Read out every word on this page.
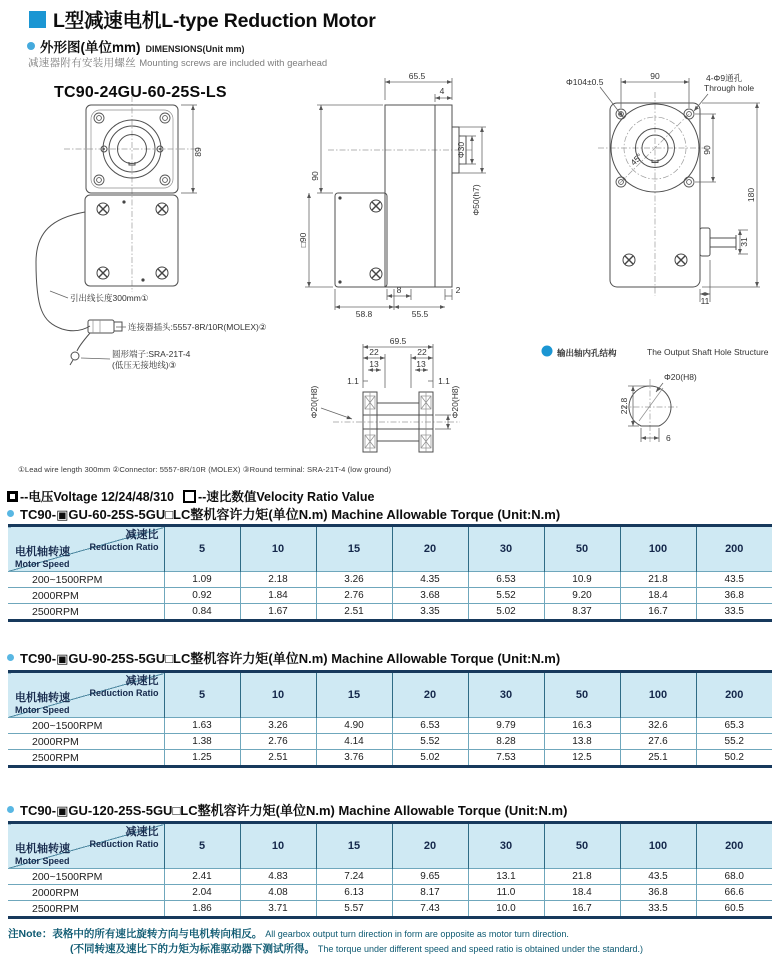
L型减速电机L-type Reduction Motor
外形图(单位mm) DIMENSIONS(Unit mm)
减速器附有安装用螺丝 Mounting screws are included with gearhead
TC90-24GU-60-25S-LS
89
引出线长度300mm①
连接器插头:5557-8R/10R(MOLEX)②
圆形端子:SRA-21T-4
(低压无接地线)③
65.5
4
Φ30
Φ50(h7)
90
□90
8	2
58.8	55.5
45°
90
Φ104±0.5	4-Φ9通孔
Through hole
90
180
31
11
69.5
22	22
13	13
1.1	1.1
Φ20(H8)	Φ20(H8)
输出轴内孔结构	The Output Shaft Hole Structure
Φ20(H8)
22.8
6
①Lead wire length 300mm ②Connector: 5557-8R/10R (MOLEX) ③Round terminal: SRA-21T-4 (low ground)
--电压Voltage 12/24/48/310 --速比数值Velocity Ratio Value
TC90-▣GU-60-25S-5GU□LC整机容许力矩(单位N.m) Machine Allowable Torque (Unit:N.m)
减速比
Reduction Ratio
电机轴转速
Motor Speed	5	10	15	20	30	50	100	200
200~1500RPM	1.09	2.18	3.26	4.35	6.53	10.9	21.8	43.5
2000RPM	0.92	1.84	2.76	3.68	5.52	9.20	18.4	36.8
2500RPM	0.84	1.67	2.51	3.35	5.02	8.37	16.7	33.5
TC90-▣GU-90-25S-5GU□LC整机容许力矩(单位N.m) Machine Allowable Torque (Unit:N.m)
减速比
Reduction Ratio
电机轴转速
Motor Speed	5	10	15	20	30	50	100	200
200~1500RPM	1.63	3.26	4.90	6.53	9.79	16.3	32.6	65.3
2000RPM	1.38	2.76	4.14	5.52	8.28	13.8	27.6	55.2
2500RPM	1.25	2.51	3.76	5.02	7.53	12.5	25.1	50.2
TC90-▣GU-120-25S-5GU□LC整机容许力矩(单位N.m) Machine Allowable Torque (Unit:N.m)
减速比
Reduction Ratio
电机轴转速
Motor Speed	5	10	15	20	30	50	100	200
200~1500RPM	2.41	4.83	7.24	9.65	13.1	21.8	43.5	68.0
2000RPM	2.04	4.08	6.13	8.17	11.0	18.4	36.8	66.6
2500RPM	1.86	3.71	5.57	7.43	10.0	16.7	33.5	60.5
注Note：表格中的所有速比旋转方向与电机转向相反。 All gearbox output turn direction in form are opposite as motor turn direction.
(不同转速及速比下的力矩为标准驱动器下测试所得。 The torque under different speed and speed ratio is obtained under the standard.)
